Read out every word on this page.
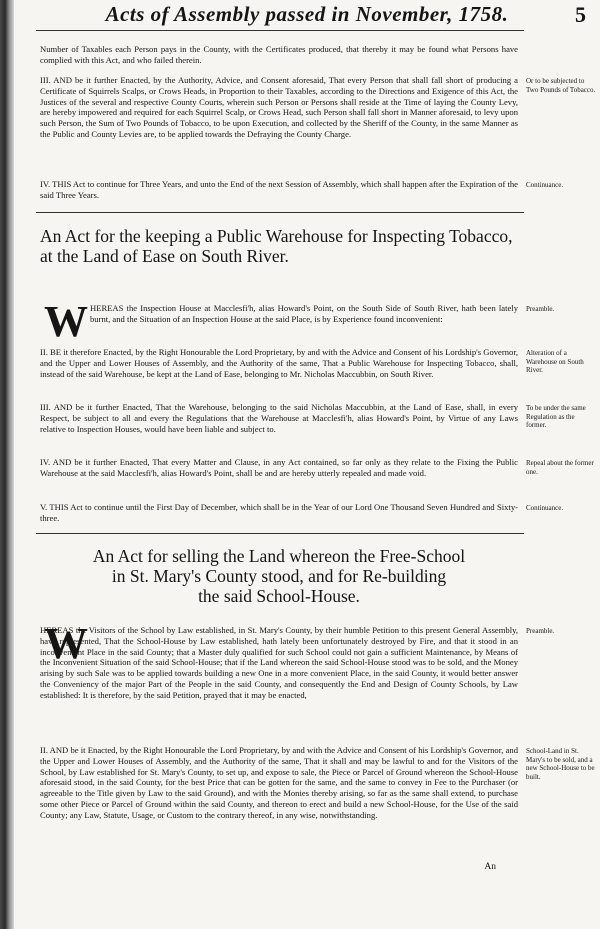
Acts of Assembly passed in November, 1758.	5

Number of Taxables each Person pays in the County, with the Certificates produced, that thereby it may be found what Persons have complied with this Act, and who failed therein.

III. AND be it further Enacted, by the Authority, Advice, and Consent aforesaid, That every Person that shall fall short of producing a Certificate of Squirrels Scalps, or Crows Heads, in Proportion to their Taxables, according to the Directions and Exigence of this Act, the Justices of the several and respective County Courts, wherein such Person or Persons shall reside at the Time of laying the County Levy, are hereby impowered and required for each Squirrel Scalp, or Crows Head, such Person shall fall short in Manner aforesaid, to levy upon such Person, the Sum of Two Pounds of Tobacco, to be upon Execution, and collected by the Sheriff of the County, in the same Manner as the Public and County Levies are, to be applied towards the Defraying the County Charge.

Or to be subjected to Two Pounds of Tobacco.

IV. THIS Act to continue for Three Years, and unto the End of the next Session of Assembly, which shall happen after the Expiration of the said Three Years.

Continuance.

An Act for the keeping a Public Warehouse for Inspecting Tobacco, at the Land of Ease on South River.

W HEREAS the Inspection House at Macclesfi'h, alias Howard's Point, on the South Side of South River, hath been lately burnt, and the Situation of an Inspection House at the said Place, is by Experience found inconvenient:

Preamble.

II. BE it therefore Enacted, by the Right Honourable the Lord Proprietary, by and with the Advice and Consent of his Lordship's Governor, and the Upper and Lower Houses of Assembly, and the Authority of the same, That a Public Warehouse for Inspecting Tobacco, shall, instead of the said Warehouse, be kept at the Land of Ease, belonging to Mr. Nicholas Maccubbin, on South River.

Alteration of a Warehouse on South River.

III. AND be it further Enacted, That the Warehouse, belonging to the said Nicholas Maccubbin, at the Land of Ease, shall, in every Respect, be subject to all and every the Regulations that the Warehouse at Macclesfi'h, alias Howard's Point, by Virtue of any Laws relative to Inspection Houses, would have been liable and subject to.

To be under the same Regulation as the former.

IV. AND be it further Enacted, That every Matter and Clause, in any Act contained, so far only as they relate to the Fixing the Public Warehouse at the said Macclesfi'h, alias Howard's Point, shall be and are hereby utterly repealed and made void.

Repeal about the former one.

V. THIS Act to continue until the First Day of December, which shall be in the Year of our Lord One Thousand Seven Hundred and Sixty-three.

Continuance.

An Act for selling the Land whereon the Free-School
in St. Mary's County stood, and for Re-building
the said School-House.
W

HEREAS the Visitors of the School by Law established, in St. Mary's County, by their humble Petition to this present General Assembly, have represented, That the School-House by Law established, hath lately been unfortunately destroyed by Fire, and that it stood in an inconvenient Place in the said County; that a Master duly qualified for such School could not gain a sufficient Maintenance, by Means of the Inconvenient Situation of the said School-House; that if the Land whereon the said School-House stood was to be sold, and the Money arising by such Sale was to be applied towards building a new One in a more convenient Place, in the said County, it would better answer the Conveniency of the major Part of the People in the said County, and consequently the End and Design of County Schools, by Law established: It is therefore, by the said Petition, prayed that it may be enacted,

Preamble.

II. AND be it Enacted, by the Right Honourable the Lord Proprietary, by and with the Advice and Consent of his Lordship's Governor, and the Upper and Lower Houses of Assembly, and the Authority of the same, That it shall and may be lawful to and for the Visitors of the School, by Law established for St. Mary's County, to set up, and expose to sale, the Piece or Parcel of Ground whereon the School-House aforesaid stood, in the said County, for the best Price that can be gotten for the same, and the same to convey in Fee to the Purchaser (or agreeable to the Title given by Law to the said Ground), and with the Monies thereby arising, so far as the same shall extend, to purchase some other Piece or Parcel of Ground within the said County, and thereon to erect and build a new School-House, for the Use of the said County; any Law, Statute, Usage, or Custom to the contrary thereof, in any wise, notwithstanding.

School-Land in St. Mary's to be sold, and a new School-House to be built.

An
